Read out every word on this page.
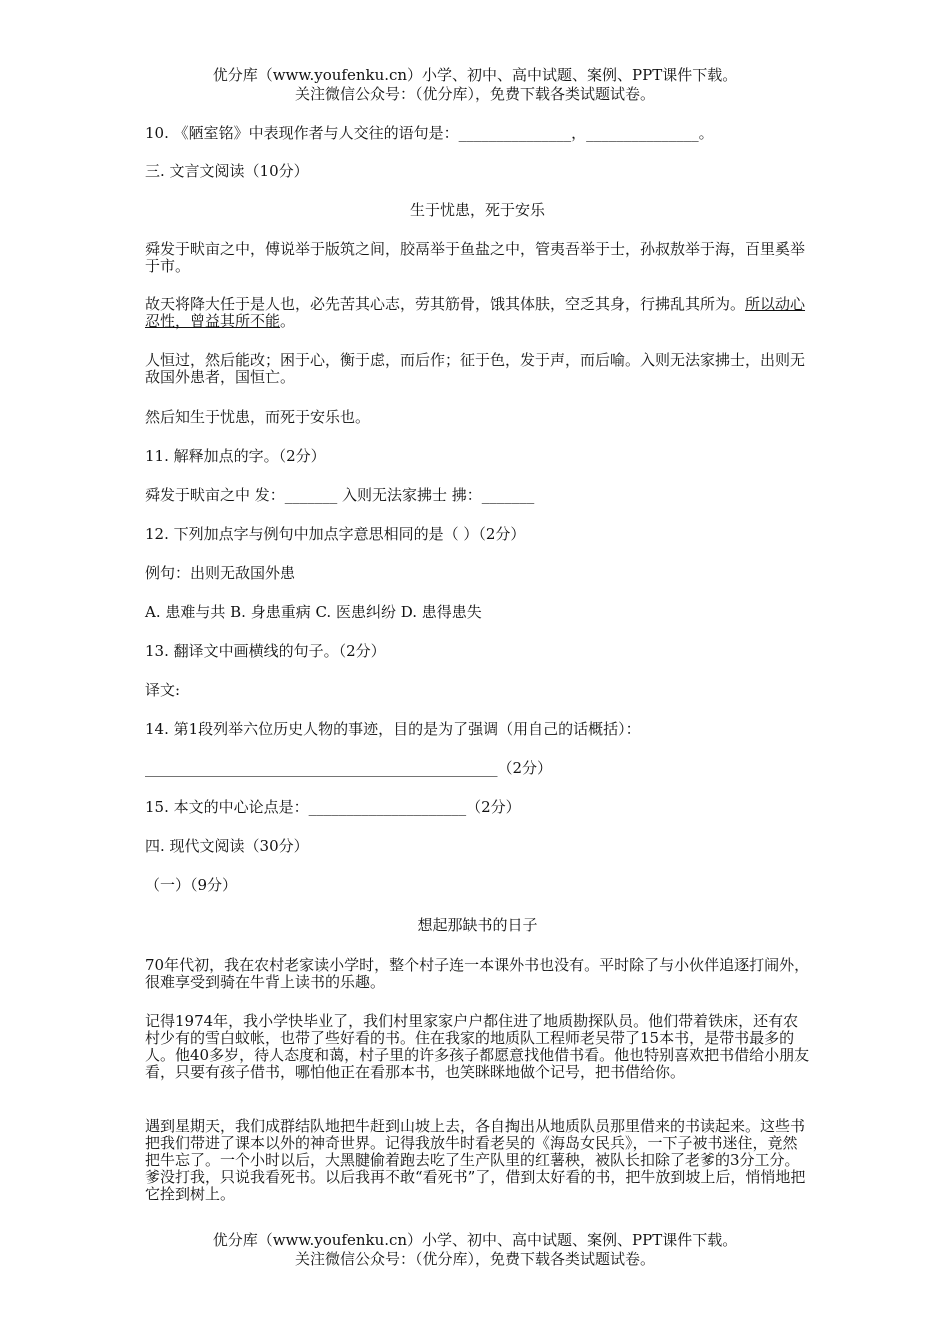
优分库（www.youfenku.cn）小学、初中、高中试题、案例、PPT课件下载。
关注微信公众号：（优分库），免费下载各类试题试卷。
10. 《陋室铭》中表现作者与人交往的语句是：_______________，_______________。
三. 文言文阅读（10分）
生于忧患，死于安乐
舜发于畎亩之中，傅说举于版筑之间，胶鬲举于鱼盐之中，管夷吾举于士，孙叔敖举于海，百里奚举于市。
故天将降大任于是人也，必先苦其心志，劳其筋骨，饿其体肤，空乏其身，行拂乱其所为。所以动心忍性，曾益其所不能。
人恒过，然后能改；困于心，衡于虑，而后作；征于色，发于声，而后喻。入则无法家拂士，出则无敌国外患者，国恒亡。
然后知生于忧患，而死于安乐也。
11. 解释加点的字。（2分）
舜发于畎亩之中 发：_______ 入则无法家拂士 拂：_______
12. 下列加点字与例句中加点字意思相同的是（ ）（2分）
例句：出则无敌国外患
A. 患难与共 B. 身患重病 C. 医患纠纷 D. 患得患失
13. 翻译文中画横线的句子。（2分）
译文:
14. 第1段列举六位历史人物的事迹，目的是为了强调（用自己的话概括）：
_______________________________________________（2分）
15. 本文的中心论点是：_____________________（2分）
四. 现代文阅读（30分）
（一）（9分）
想起那缺书的日子
70年代初，我在农村老家读小学时，整个村子连一本课外书也没有。平时除了与小伙伴追逐打闹外，很难享受到骑在牛背上读书的乐趣。
记得1974年，我小学快毕业了，我们村里家家户户都住进了地质勘探队员。他们带着铁床，还有农村少有的雪白蚊帐，也带了些好看的书。住在我家的地质队工程师老吴带了15本书，是带书最多的人。他40多岁，待人态度和蔼，村子里的许多孩子都愿意找他借书看。他也特别喜欢把书借给小朋友看，只要有孩子借书，哪怕他正在看那本书，也笑眯眯地做个记号，把书借给你。
遇到星期天，我们成群结队地把牛赶到山坡上去，各自掏出从地质队员那里借来的书读起来。这些书把我们带进了课本以外的神奇世界。记得我放牛时看老吴的《海岛女民兵》，一下子被书迷住，竟然把牛忘了。一个小时以后，大黑腱偷着跑去吃了生产队里的红薯秧，被队长扣除了老爹的3分工分。爹没打我，只说我看死书。以后我再不敢“看死书”了，借到太好看的书，把牛放到坡上后，悄悄地把它拴到树上。
优分库（www.youfenku.cn）小学、初中、高中试题、案例、PPT课件下载。
关注微信公众号：（优分库），免费下载各类试题试卷。
